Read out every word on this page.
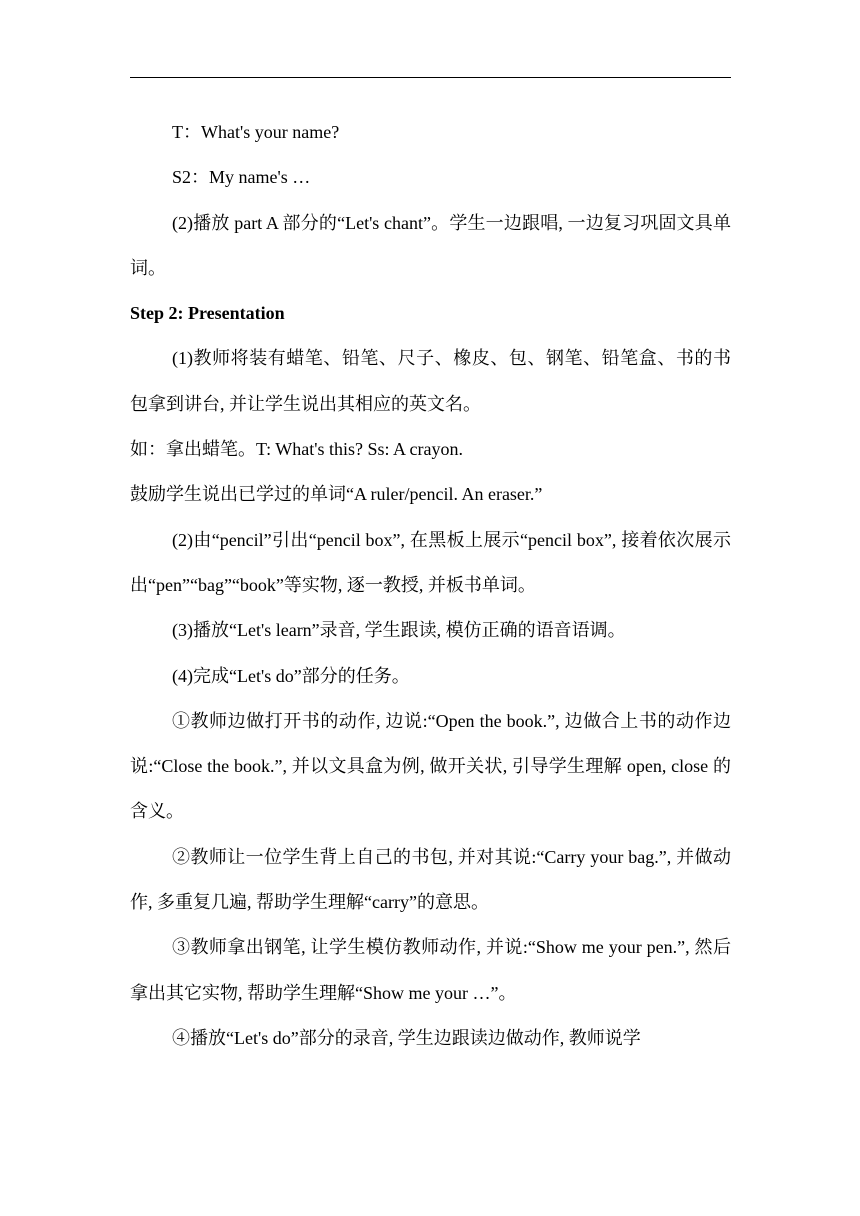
T：What's your name?

S2：My name's …

(2)播放 part A 部分的“Let's chant”。学生一边跟唱, 一边复习巩固文具单词。

Step 2: Presentation

(1)教师将装有蜡笔、铅笔、尺子、橡皮、包、钢笔、铅笔盒、书的书包拿到讲台, 并让学生说出其相应的英文名。

如：拿出蜡笔。T: What's this? Ss: A crayon.

鼓励学生说出已学过的单词“A ruler/pencil. An eraser.”

(2)由“pencil”引出“pencil box”, 在黑板上展示“pencil box”, 接着依次展示出“pen”“bag”“book”等实物, 逐一教授, 并板书单词。

(3)播放“Let's learn”录音, 学生跟读, 模仿正确的语音语调。

(4)完成“Let's do”部分的任务。

①教师边做打开书的动作, 边说:“Open the book.”, 边做合上书的动作边说:“Close the book.”, 并以文具盒为例, 做开关状, 引导学生理解 open, close 的含义。

②教师让一位学生背上自己的书包, 并对其说:“Carry your bag.”, 并做动作, 多重复几遍, 帮助学生理解“carry”的意思。

③教师拿出钢笔, 让学生模仿教师动作, 并说:“Show me your pen.”, 然后拿出其它实物, 帮助学生理解“Show me your …”。

④播放“Let's do”部分的录音, 学生边跟读边做动作, 教师说学
